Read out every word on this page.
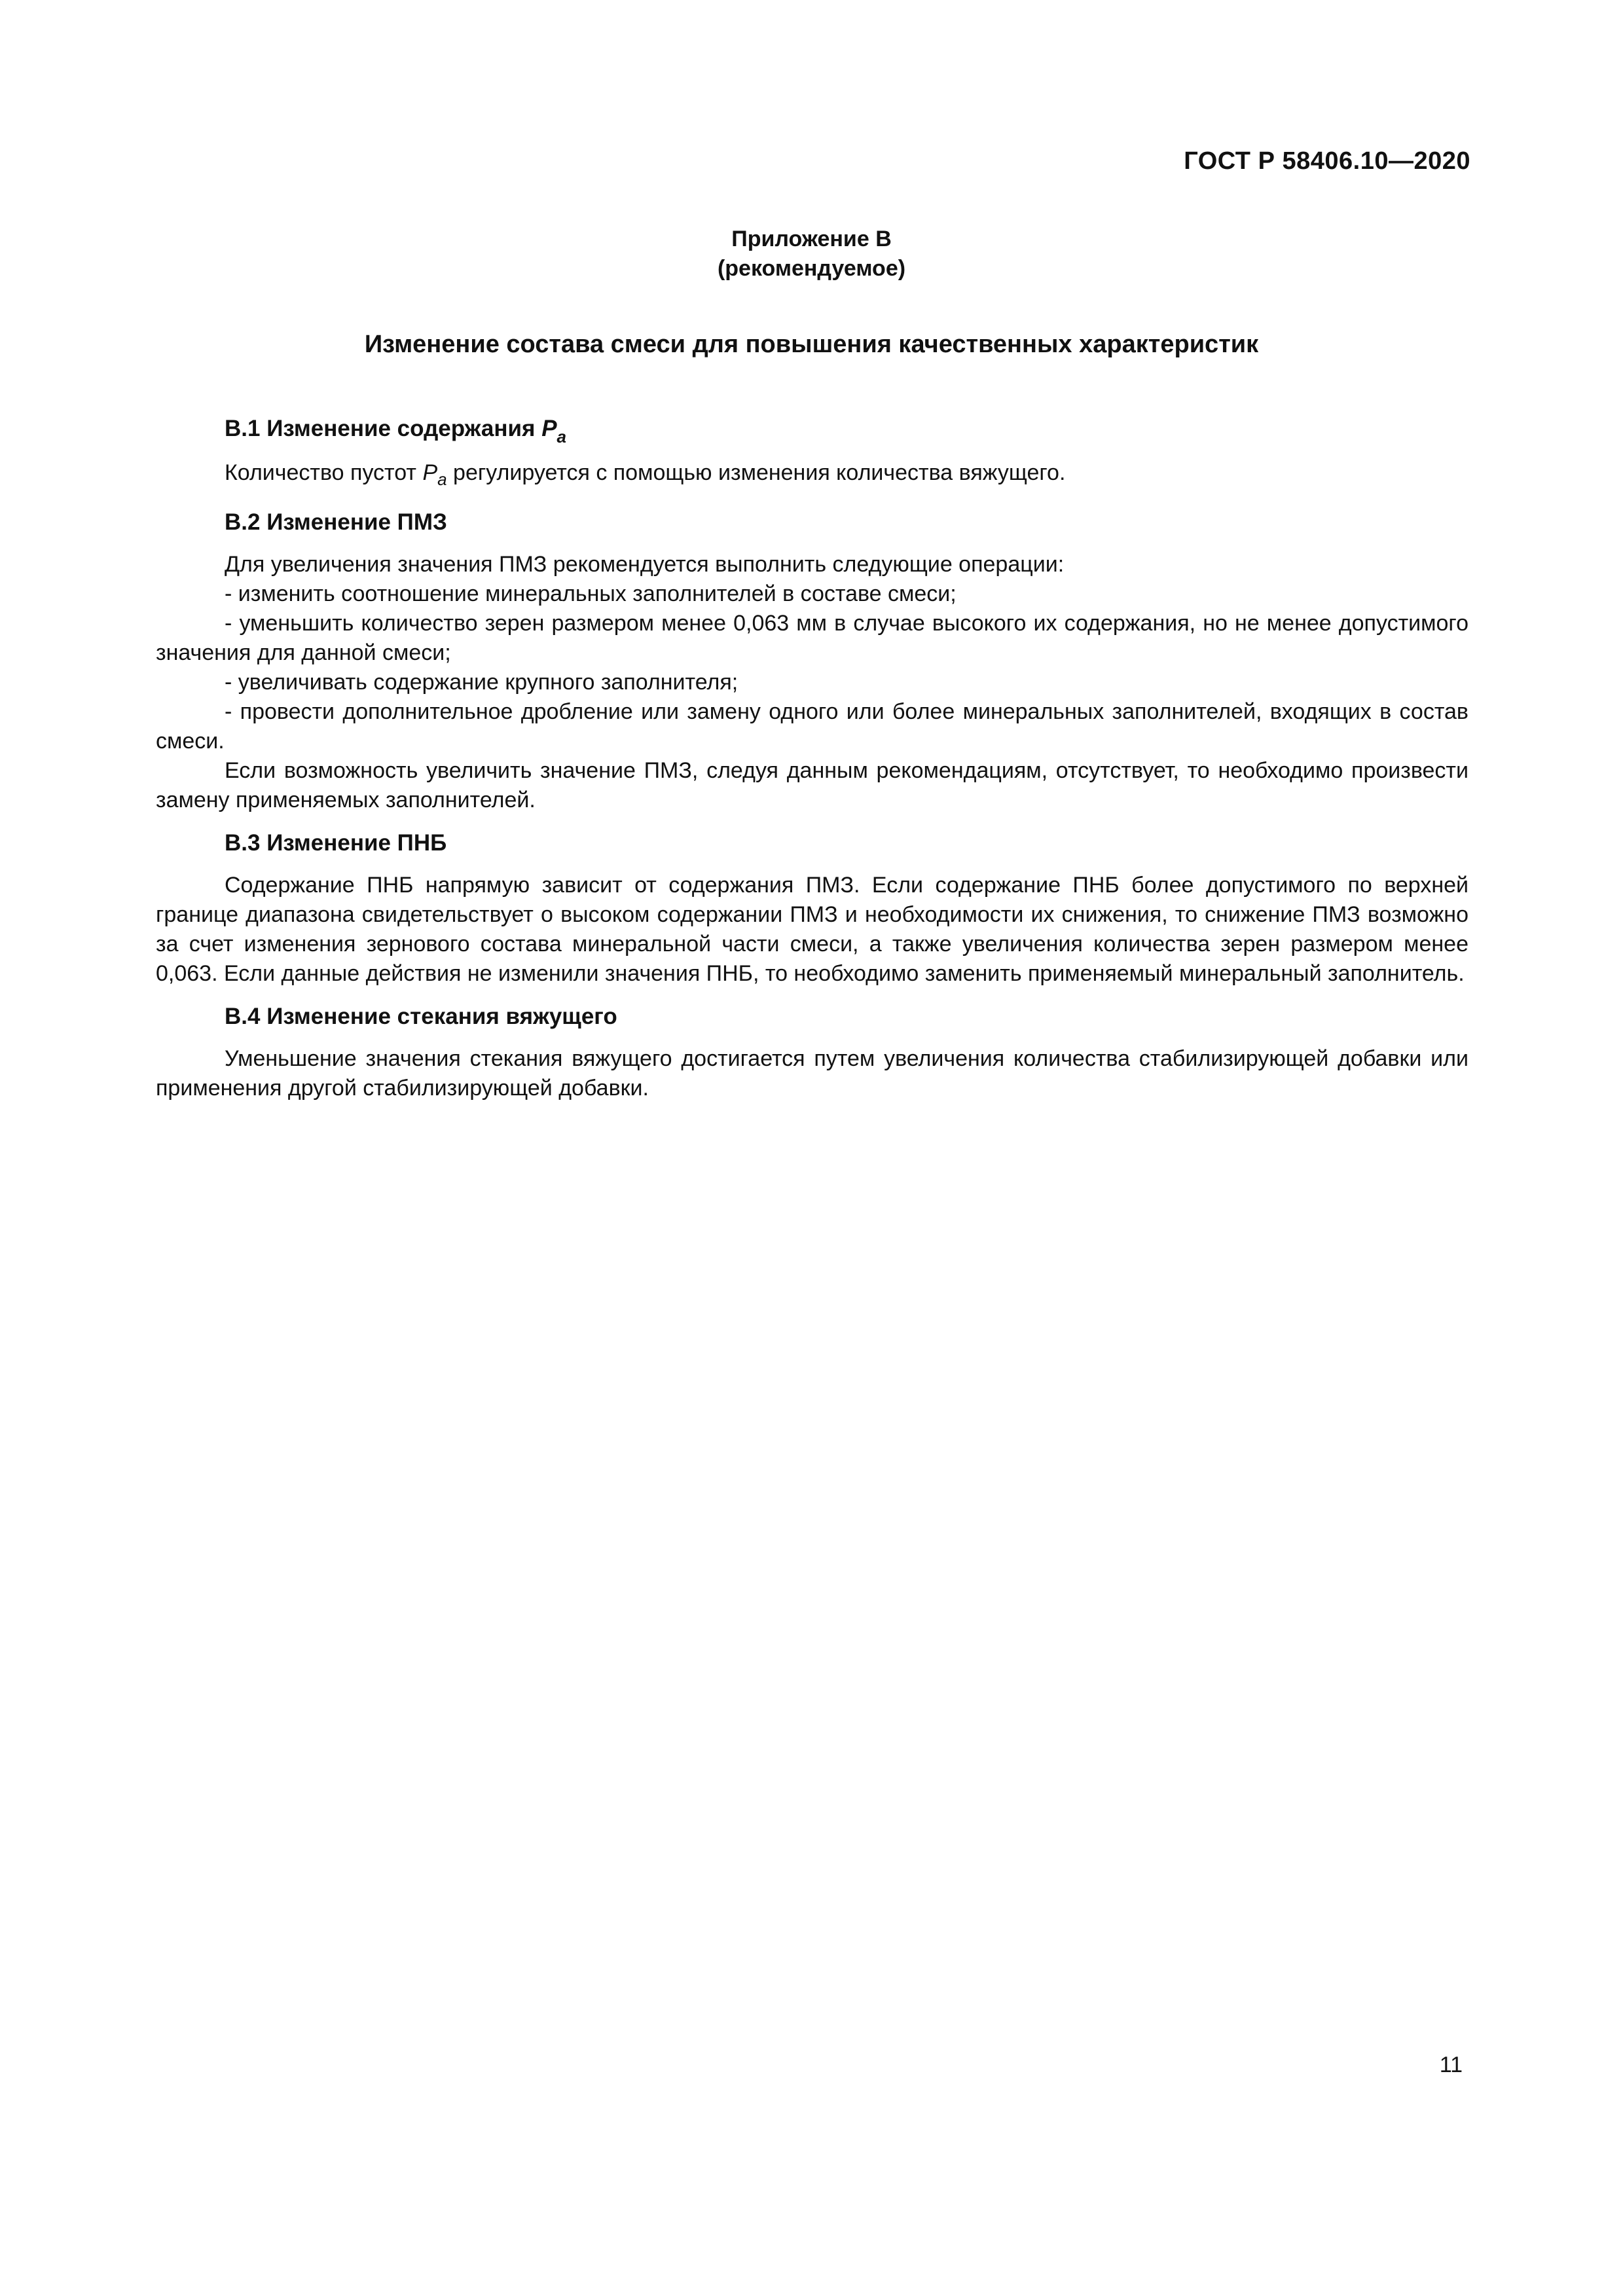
ГОСТ Р 58406.10—2020
Приложение В
(рекомендуемое)
Изменение состава смеси для повышения качественных характеристик
В.1 Изменение содержания $P_a$

Количество пустот $P_a$ регулируется с помощью изменения количества вяжущего.

В.2 Изменение ПМЗ

Для увеличения значения ПМЗ рекомендуется выполнить следующие операции:

- изменить соотношение минеральных заполнителей в составе смеси;

- уменьшить количество зерен размером менее 0,063 мм в случае высокого их содержания, но не менее допустимого значения для данной смеси;

- увеличивать содержание крупного заполнителя;

- провести дополнительное дробление или замену одного или более минеральных заполнителей, входящих в состав смеси.

Если возможность увеличить значение ПМЗ, следуя данным рекомендациям, отсутствует, то необходимо произвести замену применяемых заполнителей.

В.3 Изменение ПНБ

Содержание ПНБ напрямую зависит от содержания ПМЗ. Если содержание ПНБ более допустимого по верхней границе диапазона свидетельствует о высоком содержании ПМЗ и необходимости их снижения, то снижение ПМЗ возможно за счет изменения зернового состава минеральной части смеси, а также увеличения количества зерен размером менее 0,063. Если данные действия не изменили значения ПНБ, то необходимо заменить применяемый минеральный заполнитель.

В.4 Изменение стекания вяжущего

Уменьшение значения стекания вяжущего достигается путем увеличения количества стабилизирующей добавки или применения другой стабилизирующей добавки.

11
